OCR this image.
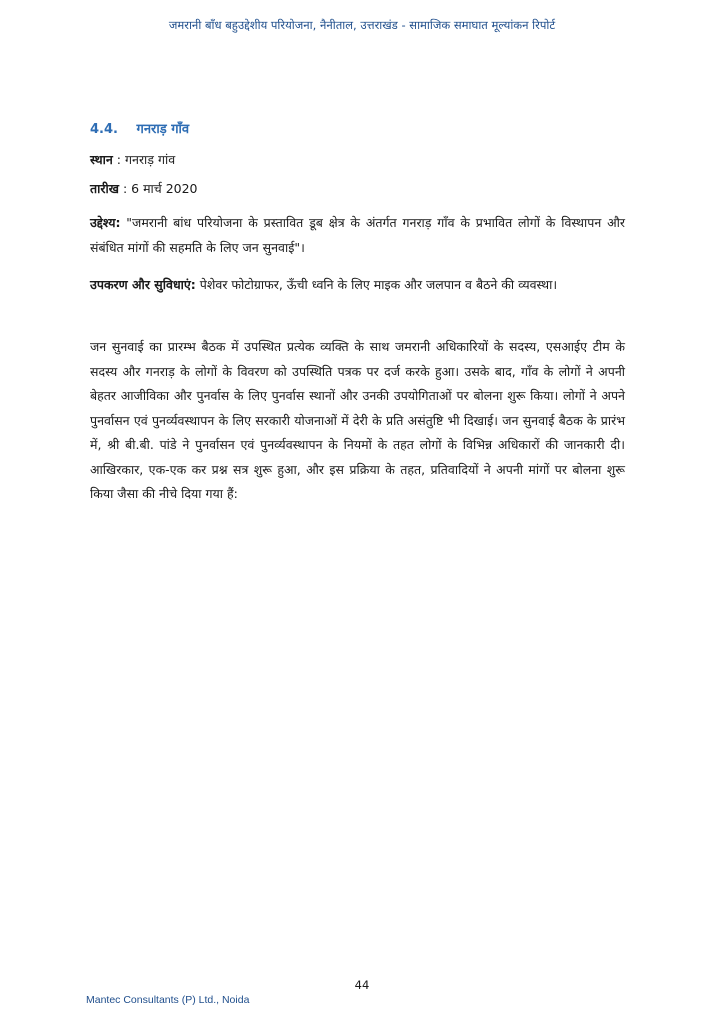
जमरानी बाँध बहुउद्देशीय परियोजना, नैनीताल, उत्तराखंड - सामाजिक समाघात मूल्यांकन रिपोर्ट
4.4. गनराड़ गाँव
स्थान : गनराड़ गांव
तारीख : 6 मार्च 2020
उद्देश्य: "जमरानी बांध परियोजना के प्रस्तावित डूब क्षेत्र के अंतर्गत गनराड़ गाँव के प्रभावित लोगों के विस्थापन और संबंधित मांगों की सहमति के लिए जन सुनवाई"।
उपकरण और सुविधाएं: पेशेवर फोटोग्राफर, ऊँची ध्वनि के लिए माइक और जलपान व बैठने की व्यवस्था।
जन सुनवाई का प्रारम्भ बैठक में उपस्थित प्रत्येक व्यक्ति के साथ जमरानी अधिकारियों के सदस्य, एसआईए टीम के सदस्य और गनराड़ के लोगों के विवरण को उपस्थिति पत्रक पर दर्ज करके हुआ। उसके बाद, गाँव के लोगों ने अपनी बेहतर आजीविका और पुनर्वास के लिए पुनर्वास स्थानों और उनकी उपयोगिताओं पर बोलना शुरू किया। लोगों ने अपने पुनर्वासन एवं पुनर्व्यवस्थापन के लिए सरकारी योजनाओं में देरी के प्रति असंतुष्टि भी दिखाई। जन सुनवाई बैठक के प्रारंभ में, श्री बी.बी. पांडे ने पुनर्वासन एवं पुनर्व्यवस्थापन के नियमों के तहत लोगों के विभिन्न अधिकारों की जानकारी दी। आखिरकार, एक-एक कर प्रश्न सत्र शुरू हुआ, और इस प्रक्रिया के तहत, प्रतिवादियों ने अपनी मांगों पर बोलना शुरू किया जैसा की नीचे दिया गया हैं:
44
Mantec Consultants (P) Ltd., Noida
